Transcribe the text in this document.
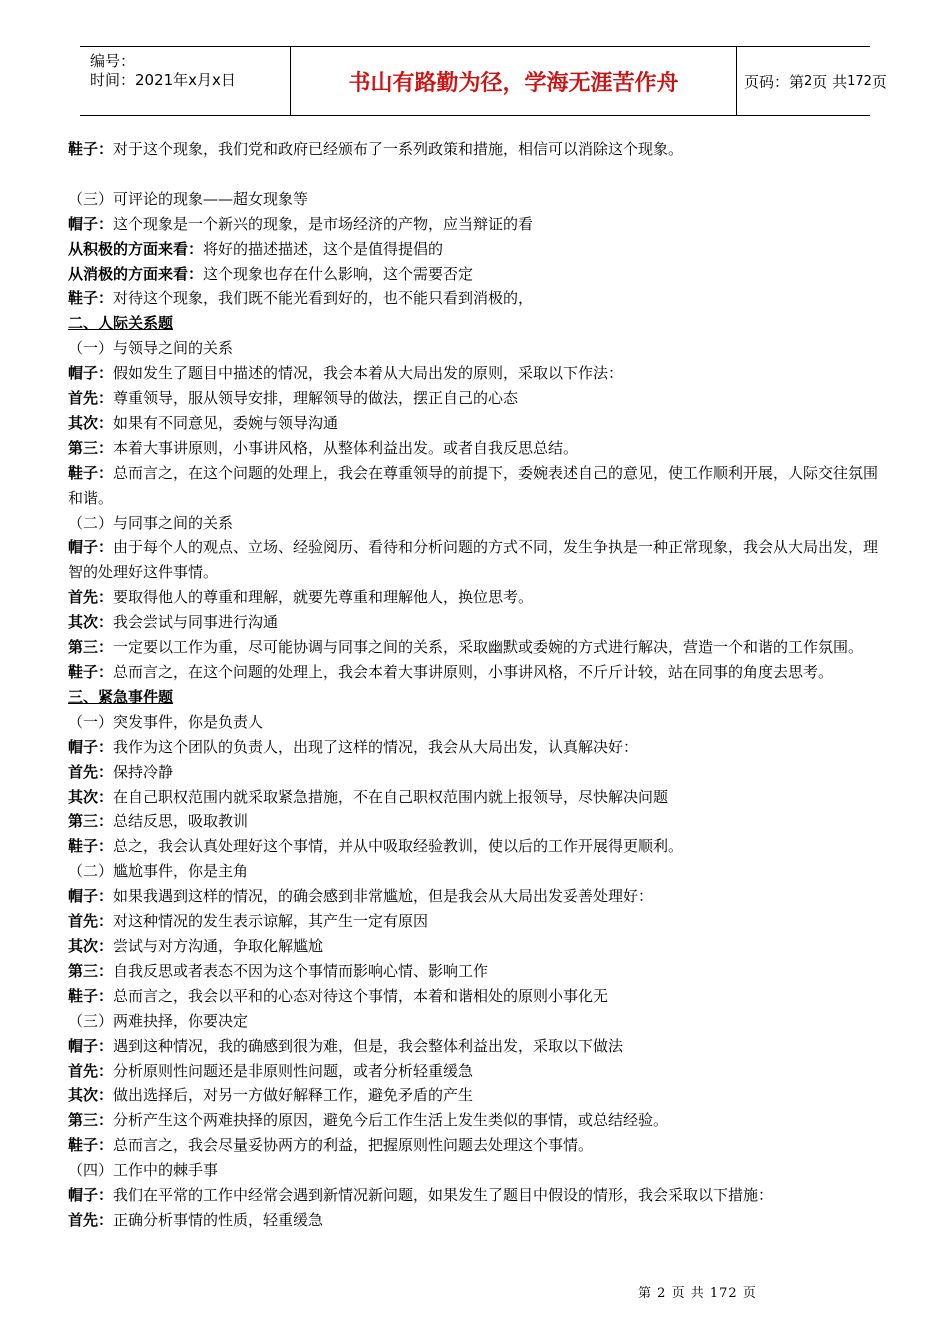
编号：
时间：2021年x月x日	书山有路勤为径，学海无涯苦作舟	页码：第 2 页 共 172 页
鞋子：对于这个现象，我们党和政府已经颁布了一系列政策和措施，相信可以消除这个现象。
（三）可评论的现象——超女现象等
帽子：这个现象是一个新兴的现象，是市场经济的产物，应当辩证的看
从积极的方面来看：将好的描述描述，这个是值得提倡的
从消极的方面来看：这个现象也存在什么影响，这个需要否定
鞋子：对待这个现象，我们既不能光看到好的，也不能只看到消极的，
二、人际关系题
（一）与领导之间的关系
帽子：假如发生了题目中描述的情况，我会本着从大局出发的原则，采取以下作法：
首先：尊重领导，服从领导安排，理解领导的做法，摆正自己的心态
其次：如果有不同意见，委婉与领导沟通
第三：本着大事讲原则，小事讲风格，从整体利益出发。或者自我反思总结。
鞋子：总而言之，在这个问题的处理上，我会在尊重领导的前提下，委婉表述自己的意见，使工作顺利开展，人际交往氛围和谐。
（二）与同事之间的关系
帽子：由于每个人的观点、立场、经验阅历、看待和分析问题的方式不同，发生争执是一种正常现象，我会从大局出发，理智的处理好这件事情。
首先：要取得他人的尊重和理解，就要先尊重和理解他人，换位思考。
其次：我会尝试与同事进行沟通
第三：一定要以工作为重，尽可能协调与同事之间的关系，采取幽默或委婉的方式进行解决，营造一个和谐的工作氛围。
鞋子：总而言之，在这个问题的处理上，我会本着大事讲原则，小事讲风格，不斤斤计较，站在同事的角度去思考。
三、紧急事件题
（一）突发事件，你是负责人
帽子：我作为这个团队的负责人，出现了这样的情况，我会从大局出发，认真解决好：
首先：保持冷静
其次：在自己职权范围内就采取紧急措施，不在自己职权范围内就上报领导，尽快解决问题
第三：总结反思，吸取教训
鞋子：总之，我会认真处理好这个事情，并从中吸取经验教训，使以后的工作开展得更顺利。
（二）尴尬事件，你是主角
帽子：如果我遇到这样的情况，的确会感到非常尴尬，但是我会从大局出发妥善处理好：
首先：对这种情况的发生表示谅解，其产生一定有原因
其次：尝试与对方沟通，争取化解尴尬
第三：自我反思或者表态不因为这个事情而影响心情、影响工作
鞋子：总而言之，我会以平和的心态对待这个事情，本着和谐相处的原则小事化无
（三）两难抉择，你要决定
帽子：遇到这种情况，我的确感到很为难，但是，我会整体利益出发，采取以下做法
首先：分析原则性问题还是非原则性问题，或者分析轻重缓急
其次：做出选择后，对另一方做好解释工作，避免矛盾的产生
第三：分析产生这个两难抉择的原因，避免今后工作生活上发生类似的事情，或总结经验。
鞋子：总而言之，我会尽量妥协两方的利益，把握原则性问题去处理这个事情。
（四）工作中的棘手事
帽子：我们在平常的工作中经常会遇到新情况新问题，如果发生了题目中假设的情形，我会采取以下措施：
首先：正确分析事情的性质，轻重缓急
第 2 页 共 172 页
